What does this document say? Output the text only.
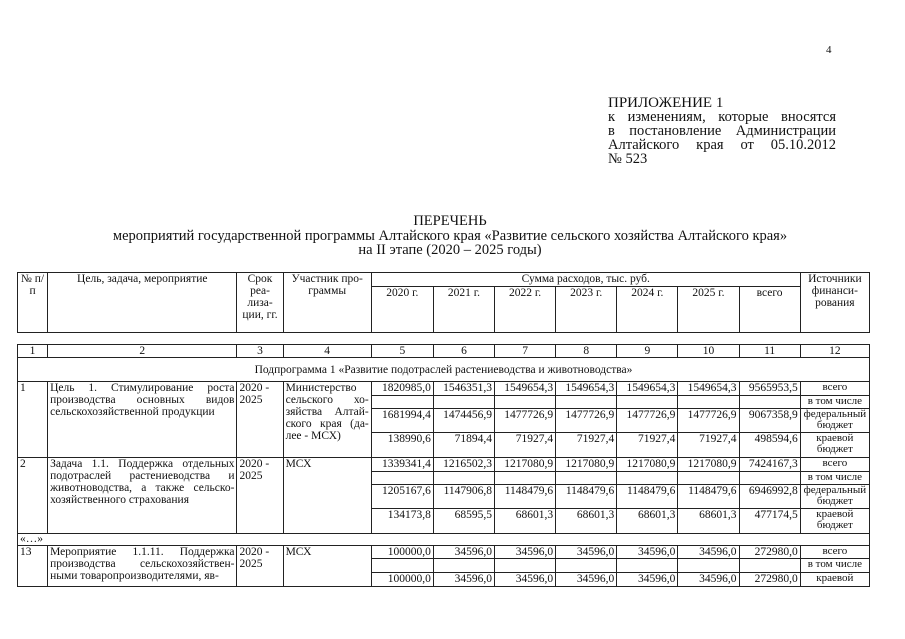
4
ПРИЛОЖЕНИЕ 1
к изменениям, которые вносятся
в постановление Администрации
Алтайского края от 05.10.2012
№ 523
ПЕРЕЧЕНЬ
мероприятий государственной программы Алтайского края «Развитие сельского хозяйства Алтайского края»
на II этапе (2020 – 2025 годы)
№ п/п	Цель, задача, мероприятие	Срок реа- лиза- ции, гг.	Участник про- граммы	Сумма расходов, тыс. руб.							Источники финанси- рования
				2020 г.	2021 г.	2022 г.	2023 г.	2024 г.	2025 г.	всего	

1	2	3	4	5	6	7	8	9	10	11	12
Подпрограмма 1 «Развитие подотраслей растениеводства и животноводства»											
1	Цель 1. Стимулирование роста производства основных видов сельскохозяйственной продукции	2020 - 2025	Министерство сельского хо- зяйства Алтай- ского края (да- лее - МСХ)	1820985,0	1546351,3	1549654,3	1549654,3	1549654,3	1549654,3	9565953,5	всего
											в том числе
				1681994,4	1474456,9	1477726,9	1477726,9	1477726,9	1477726,9	9067358,9	федеральный бюджет
				138990,6	71894,4	71927,4	71927,4	71927,4	71927,4	498594,6	краевой бюджет
2	Задача 1.1. Поддержка отдельных подотраслей растениеводства и животноводства, а также сельско- хозяйственного страхования	2020 - 2025	МСХ	1339341,4	1216502,3	1217080,9	1217080,9	1217080,9	1217080,9	7424167,3	всего
											в том числе
				1205167,6	1147906,8	1148479,6	1148479,6	1148479,6	1148479,6	6946992,8	федеральный бюджет
				134173,8	68595,5	68601,3	68601,3	68601,3	68601,3	477174,5	краевой бюджет
«…»											
13	Мероприятие 1.1.11. Поддержка производства сельскохозяйствен- ными товаропроизводителями, яв-	2020 - 2025	МСХ	100000,0	34596,0	34596,0	34596,0	34596,0	34596,0	272980,0	всего
											в том числе
				100000,0	34596,0	34596,0	34596,0	34596,0	34596,0	272980,0	краевой
